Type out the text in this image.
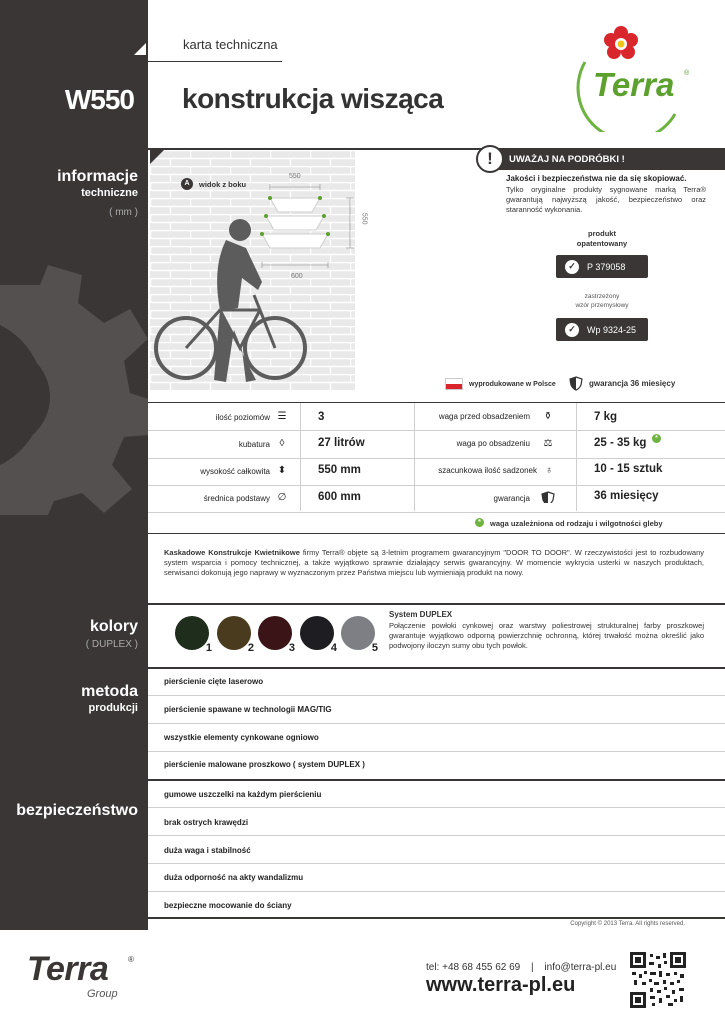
karta techniczna
W550 konstrukcja wisząca	Terra ®
informacje
techniczne
( mm )
A	widok z boku
550
550
600
!	UWAŻAJ NA PODRÓBKI !
Jakości i bezpieczeństwa nie da się skopiować.
Tylko oryginalne produkty sygnowane marką Terra® gwarantują najwyższą jakość, bezpieczeństwo oraz staranność wykonania.
produkt
opatentowany
✓	P 379058
zastrzeżony
wzór przemysłowy
✓	Wp 9324-25
wyprodukowane w Polsce	gwarancja 36 miesięcy
ilość poziomów ☰	3	waga przed obsadzeniem ⚱	7 kg
kubatura ◊	27 litrów	waga po obsadzeniu ⚖	25 - 35 kg	*
wysokość całkowita ⬍	550 mm	szacunkowa ilość sadzonek ♁	10 - 15 sztuk
średnica podstawy ∅	600 mm	gwarancja	36 miesięcy
*	waga uzależniona od rodzaju i wilgotności gleby
Kaskadowe Konstrukcje Kwietnikowe firmy Terra® objęte są 3-letnim programem gwarancyjnym "DOOR TO DOOR". W rzeczywistości jest to rozbudowany system wsparcia i pomocy technicznej, a także wyjątkowo sprawnie działający serwis gwarancyjny. W momencie wykrycia usterki w naszych produktach, serwisanci dokonują jego naprawy w wyznaczonym przez Państwa miejscu lub wymieniają produkt na nowy.
kolory
( DUPLEX )	1	2	3	4	5
System DUPLEX
Połączenie powłoki cynkowej oraz warstwy poliestrowej strukturalnej farby proszkowej gwarantuje wyjątkowo odporną powierzchnię ochronną, której trwałość można określić jako podwojony iloczyn sumy obu tych powłok.
metoda
produkcji
pierścienie cięte laserowo
pierścienie spawane w technologii MAG/TIG
wszystkie elementy cynkowane ogniowo
pierścienie malowane proszkowo ( system DUPLEX )
bezpieczeństwo
gumowe uszczelki na każdym pierścieniu
brak ostrych krawędzi
duża waga i stabilność
duża odporność na akty wandalizmu
bezpieczne mocowanie do ściany
Copyright © 2013 Terra. All rights reserved.
Terra ®
Group
tel: +48 68 455 62 69 | info@terra-pl.eu
www.terra-pl.eu
